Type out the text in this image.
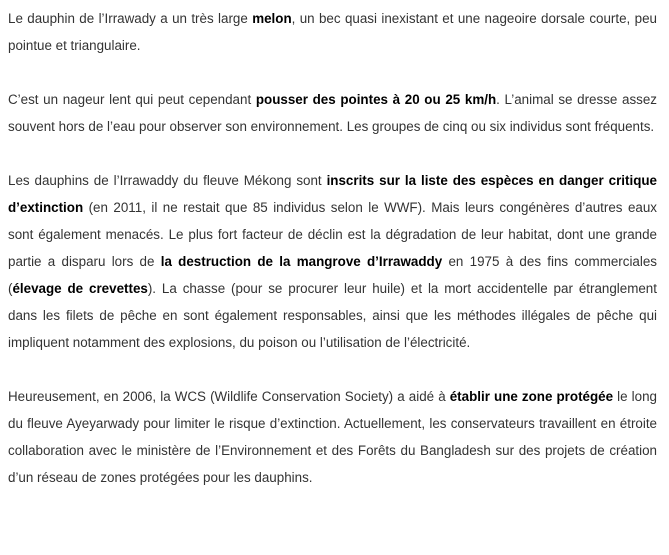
Le dauphin de l’Irrawady a un très large melon, un bec quasi inexistant et une nageoire dorsale courte, peu pointue et triangulaire.

C’est un nageur lent qui peut cependant pousser des pointes à 20 ou 25 km/h. L’animal se dresse assez souvent hors de l’eau pour observer son environnement. Les groupes de cinq ou six individus sont fréquents.

Les dauphins de l’Irrawaddy du fleuve Mékong sont inscrits sur la liste des espèces en danger critique d’extinction (en 2011, il ne restait que 85 individus selon le WWF). Mais leurs congénères d’autres eaux sont également menacés. Le plus fort facteur de déclin est la dégradation de leur habitat, dont une grande partie a disparu lors de la destruction de la mangrove d’Irrawaddy en 1975 à des fins commerciales (élevage de crevettes). La chasse (pour se procurer leur huile) et la mort accidentelle par étranglement dans les filets de pêche en sont également responsables, ainsi que les méthodes illégales de pêche qui impliquent notamment des explosions, du poison ou l’utilisation de l’électricité.

Heureusement, en 2006, la WCS (Wildlife Conservation Society) a aidé à établir une zone protégée le long du fleuve Ayeyarwady pour limiter le risque d’extinction. Actuellement, les conservateurs travaillent en étroite collaboration avec le ministère de l’Environnement et des Forêts du Bangladesh sur des projets de création d’un réseau de zones protégées pour les dauphins.
